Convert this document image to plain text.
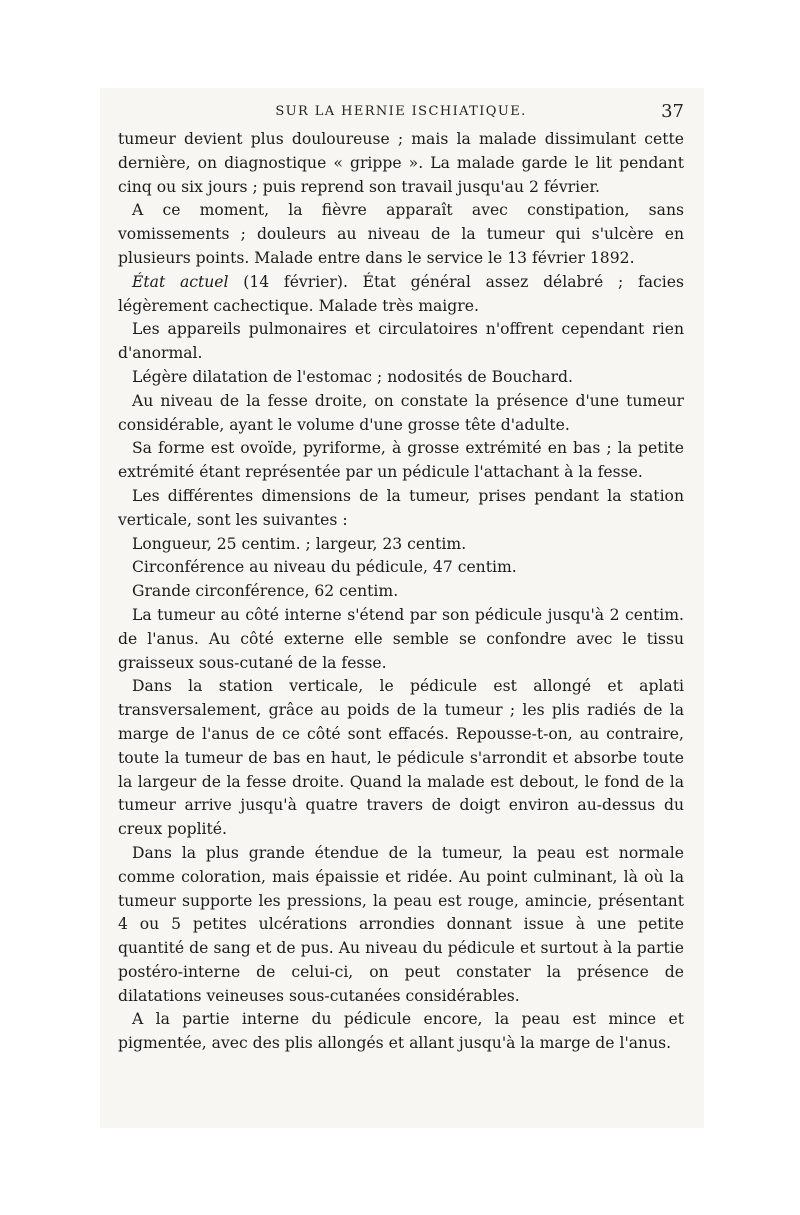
SUR LA HERNIE ISCHIATIQUE.	37

tumeur devient plus douloureuse ; mais la malade dissimulant cette dernière, on diagnostique « grippe ». La malade garde le lit pendant cinq ou six jours ; puis reprend son travail jusqu'au 2 février.

A ce moment, la fièvre apparaît avec constipation, sans vomissements ; douleurs au niveau de la tumeur qui s'ulcère en plusieurs points. Malade entre dans le service le 13 février 1892.

État actuel (14 février). État général assez délabré ; facies légèrement cachectique. Malade très maigre.

Les appareils pulmonaires et circulatoires n'offrent cependant rien d'anormal.

Légère dilatation de l'estomac ; nodosités de Bouchard.

Au niveau de la fesse droite, on constate la présence d'une tumeur considérable, ayant le volume d'une grosse tête d'adulte.

Sa forme est ovoïde, pyriforme, à grosse extrémité en bas ; la petite extrémité étant représentée par un pédicule l'attachant à la fesse.

Les différentes dimensions de la tumeur, prises pendant la station verticale, sont les suivantes :

Longueur, 25 centim. ; largeur, 23 centim.

Circonférence au niveau du pédicule, 47 centim.

Grande circonférence, 62 centim.

La tumeur au côté interne s'étend par son pédicule jusqu'à 2 centim. de l'anus. Au côté externe elle semble se confondre avec le tissu graisseux sous-cutané de la fesse.

Dans la station verticale, le pédicule est allongé et aplati transversalement, grâce au poids de la tumeur ; les plis radiés de la marge de l'anus de ce côté sont effacés. Repousse-t-on, au contraire, toute la tumeur de bas en haut, le pédicule s'arrondit et absorbe toute la largeur de la fesse droite. Quand la malade est debout, le fond de la tumeur arrive jusqu'à quatre travers de doigt environ au-dessus du creux poplité.

Dans la plus grande étendue de la tumeur, la peau est normale comme coloration, mais épaissie et ridée. Au point culminant, là où la tumeur supporte les pressions, la peau est rouge, amincie, présentant 4 ou 5 petites ulcérations arrondies donnant issue à une petite quantité de sang et de pus. Au niveau du pédicule et surtout à la partie postéro-interne de celui-ci, on peut constater la présence de dilatations veineuses sous-cutanées considérables.

A la partie interne du pédicule encore, la peau est mince et pigmentée, avec des plis allongés et allant jusqu'à la marge de l'anus.
